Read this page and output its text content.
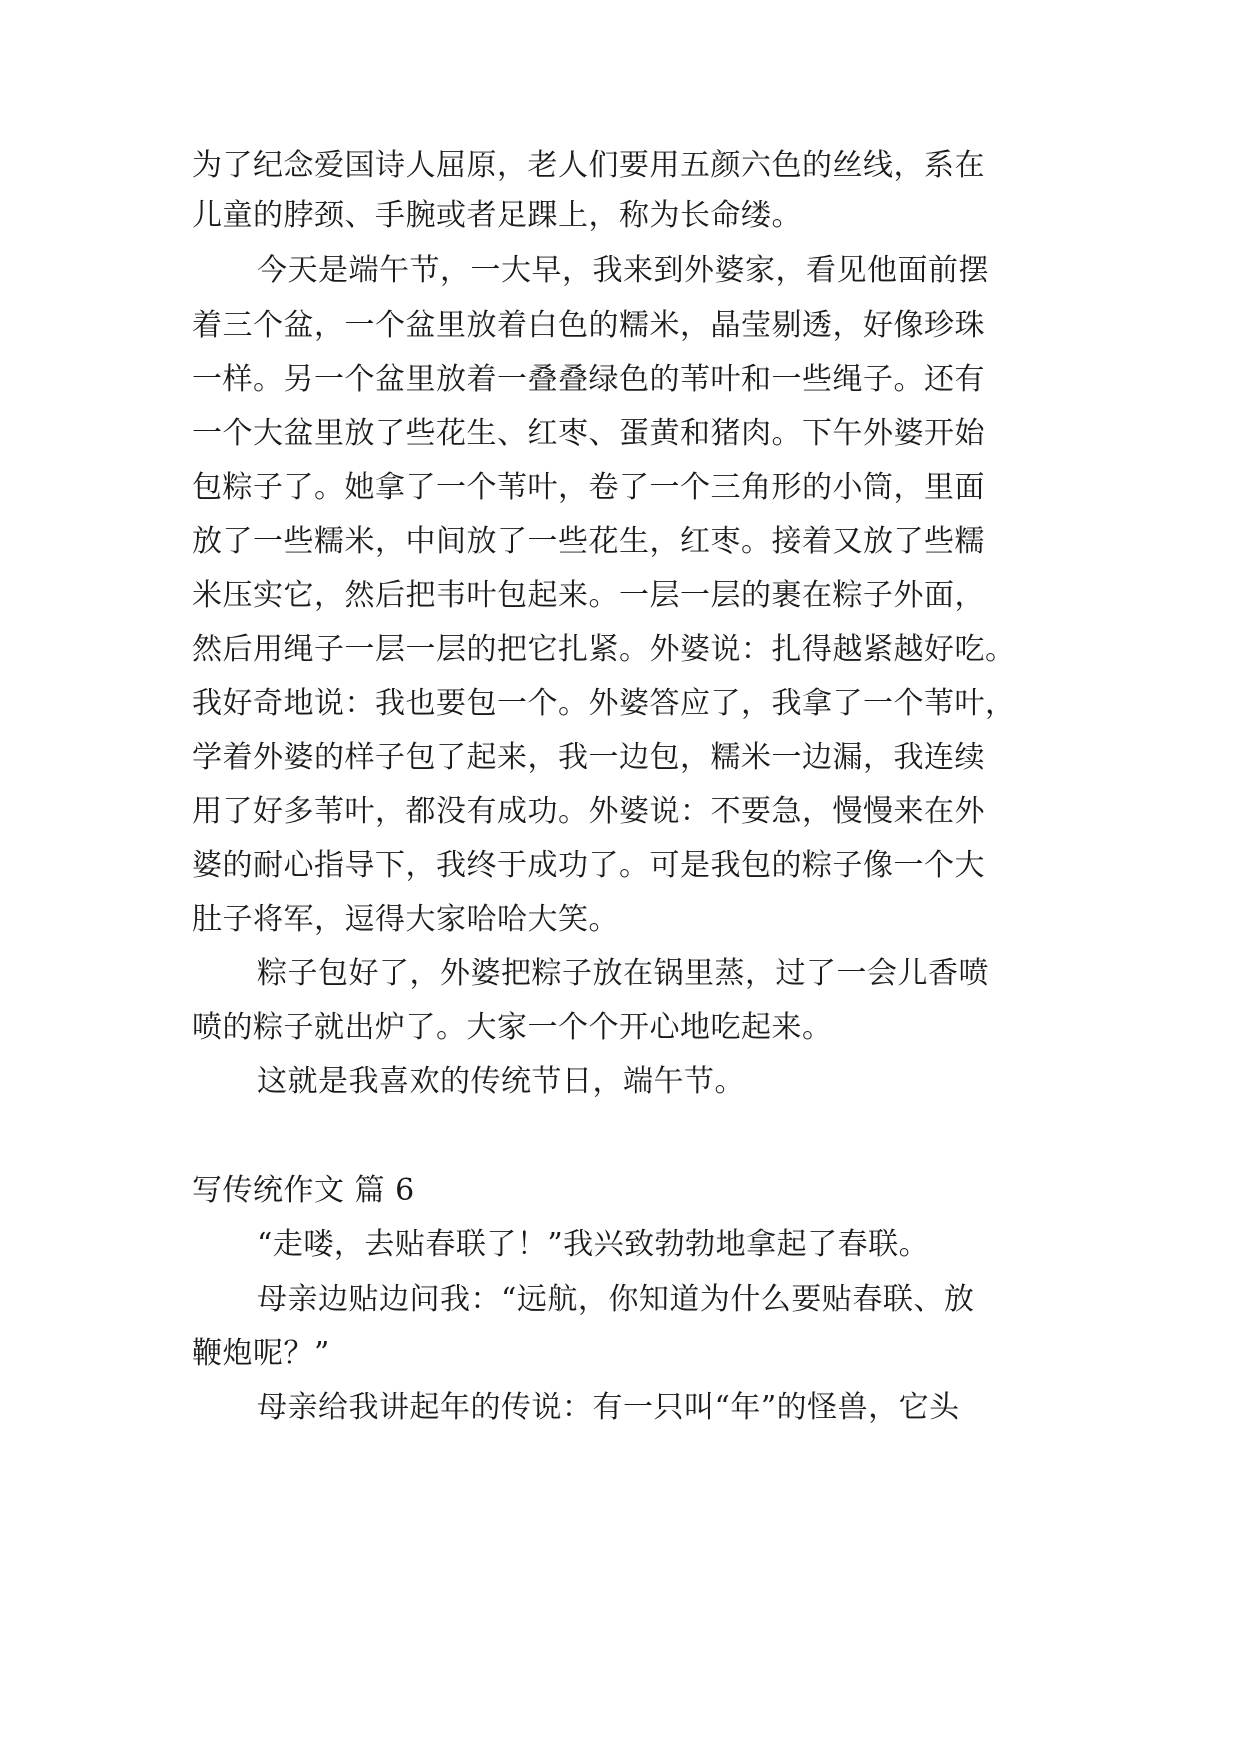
为了纪念爱国诗人屈原，老人们要用五颜六色的丝线，系在
儿童的脖颈、手腕或者足踝上，称为长命缕。
今天是端午节，一大早，我来到外婆家，看见他面前摆
着三个盆，一个盆里放着白色的糯米，晶莹剔透，好像珍珠
一样。另一个盆里放着一叠叠绿色的苇叶和一些绳子。还有
一个大盆里放了些花生、红枣、蛋黄和猪肉。下午外婆开始
包粽子了。她拿了一个苇叶，卷了一个三角形的小筒，里面
放了一些糯米，中间放了一些花生，红枣。接着又放了些糯
米压实它，然后把韦叶包起来。一层一层的裹在粽子外面，
然后用绳子一层一层的把它扎紧。外婆说：扎得越紧越好吃。
我好奇地说：我也要包一个。外婆答应了，我拿了一个苇叶，
学着外婆的样子包了起来，我一边包，糯米一边漏，我连续
用了好多苇叶，都没有成功。外婆说：不要急，慢慢来在外
婆的耐心指导下，我终于成功了。可是我包的粽子像一个大
肚子将军，逗得大家哈哈大笑。
粽子包好了，外婆把粽子放在锅里蒸，过了一会儿香喷
喷的粽子就出炉了。大家一个个开心地吃起来。
这就是我喜欢的传统节日，端午节。
写传统作文 篇 6
“走喽，去贴春联了！”我兴致勃勃地拿起了春联。
母亲边贴边问我：“远航，你知道为什么要贴春联、放
鞭炮呢？”
母亲给我讲起年的传说：有一只叫“年”的怪兽，它头
